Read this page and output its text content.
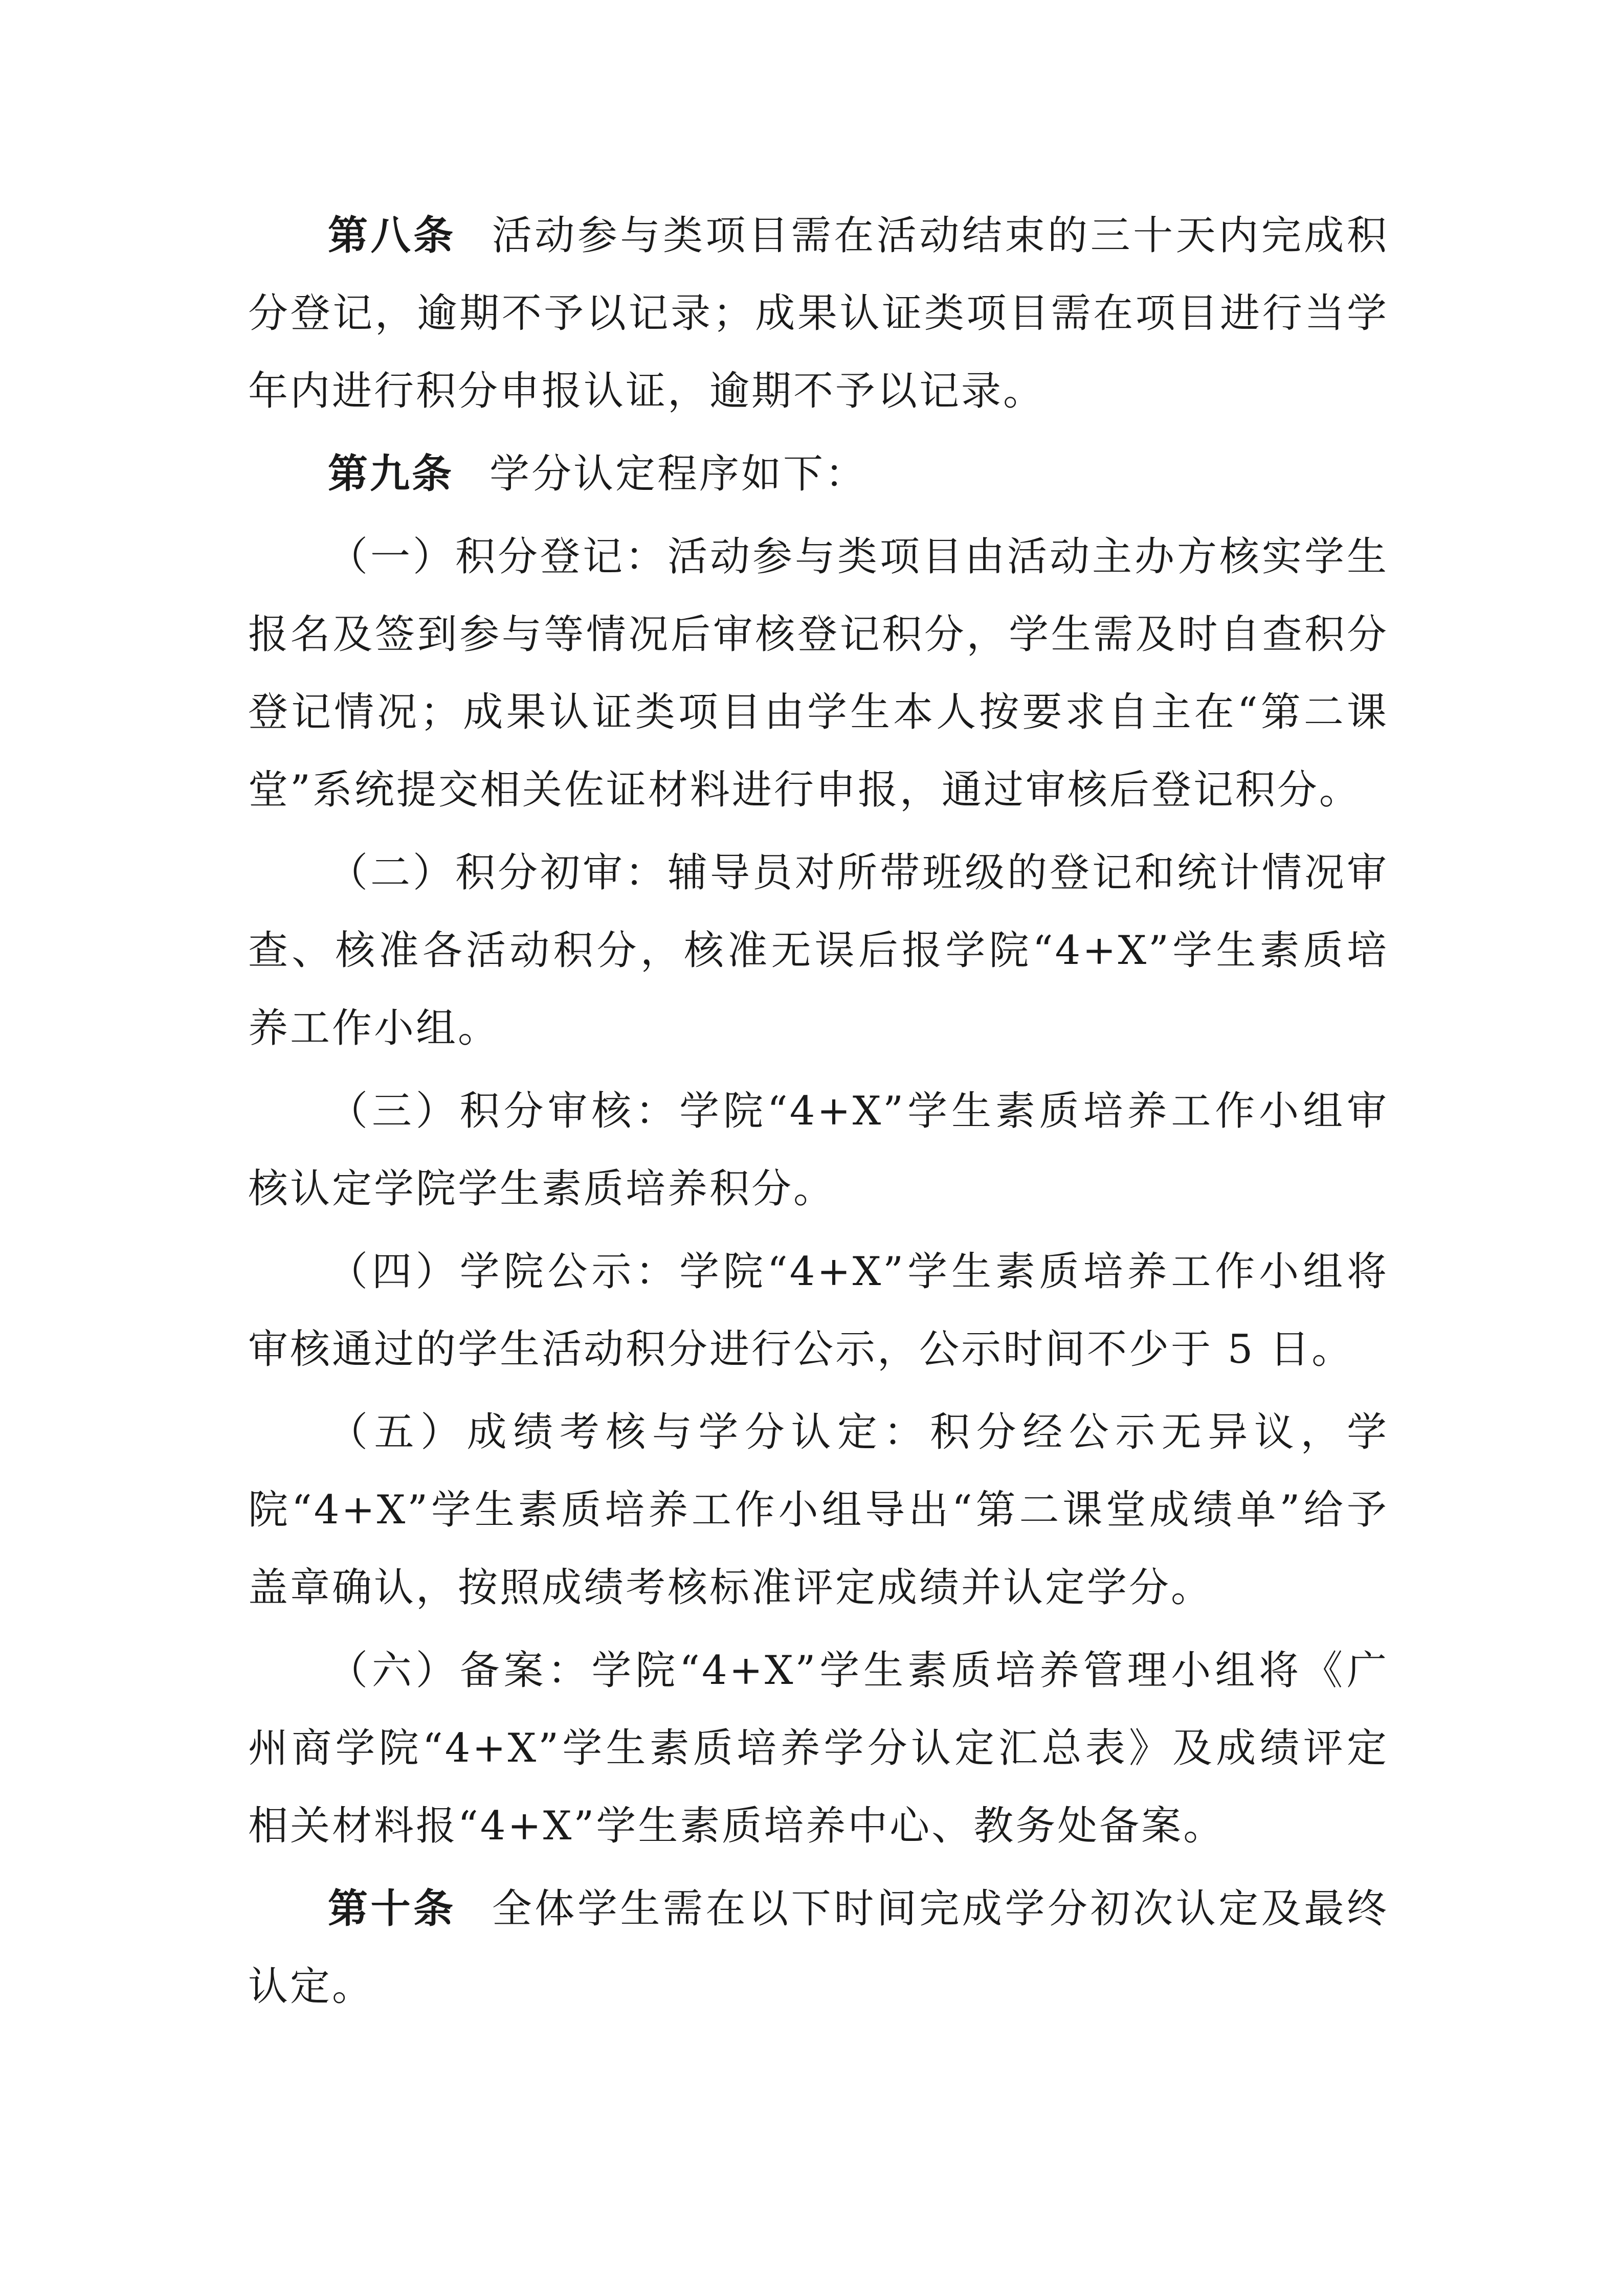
第八条 活动参与类项目需在活动结束的三十天内完成积分登记，逾期不予以记录；成果认证类项目需在项目进行当学年内进行积分申报认证，逾期不予以记录。

第九条 学分认定程序如下：

（一）积分登记：活动参与类项目由活动主办方核实学生报名及签到参与等情况后审核登记积分，学生需及时自查积分登记情况；成果认证类项目由学生本人按要求自主在“第二课堂”系统提交相关佐证材料进行申报，通过审核后登记积分。

（二）积分初审：辅导员对所带班级的登记和统计情况审查、核准各活动积分，核准无误后报学院“4+X”学生素质培养工作小组。

（三）积分审核：学院“4+X”学生素质培养工作小组审核认定学院学生素质培养积分。

（四）学院公示：学院“4+X”学生素质培养工作小组将审核通过的学生活动积分进行公示，公示时间不少于 5 日。

（五）成绩考核与学分认定：积分经公示无异议，学院“4+X”学生素质培养工作小组导出“第二课堂成绩单”给予盖章确认，按照成绩考核标准评定成绩并认定学分。

（六）备案：学院“4+X”学生素质培养管理小组将《广州商学院“4+X”学生素质培养学分认定汇总表》及成绩评定相关材料报“4+X”学生素质培养中心、教务处备案。

第十条 全体学生需在以下时间完成学分初次认定及最终认定。
